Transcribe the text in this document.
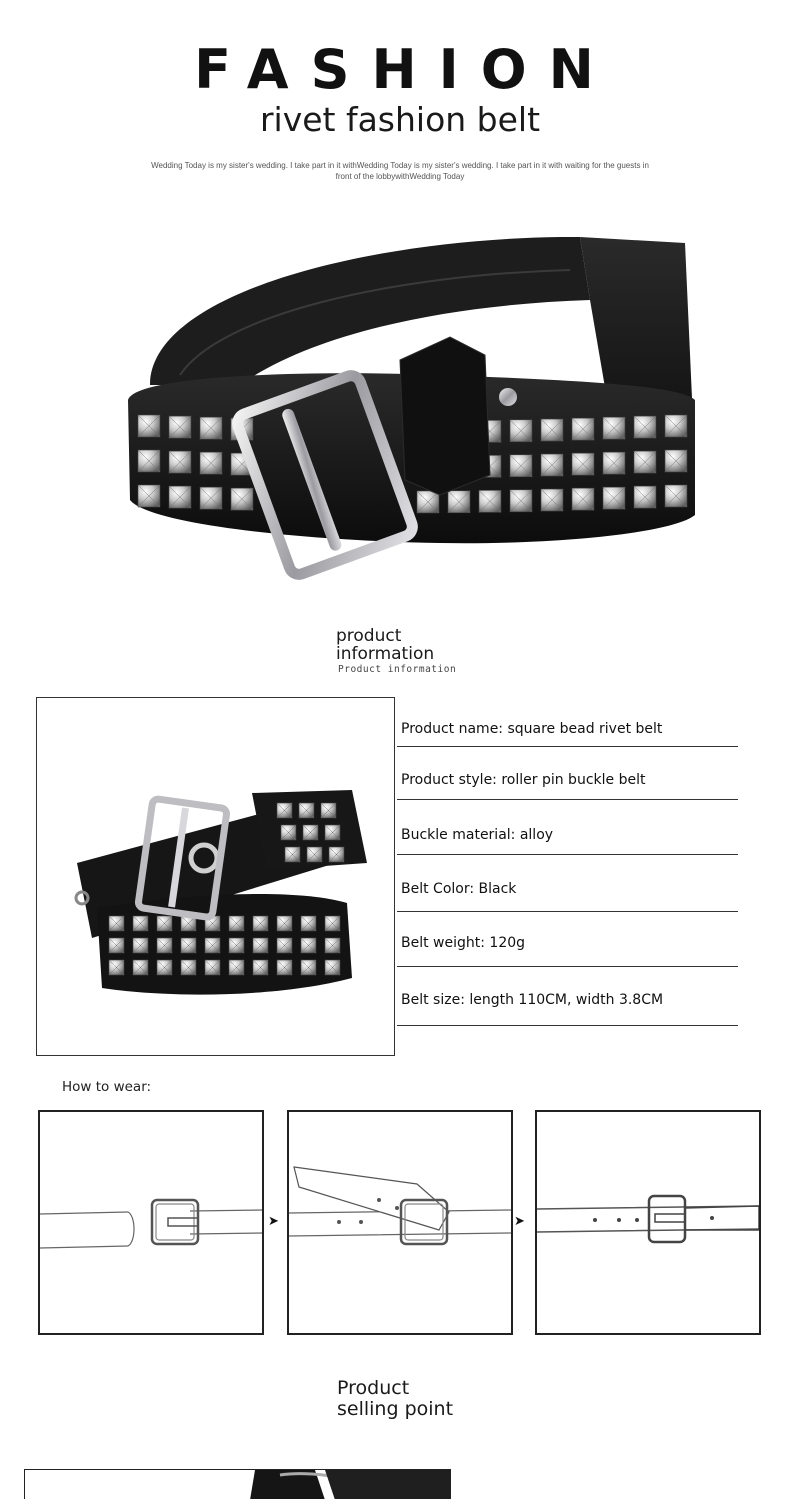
FASHION
rivet fashion belt
Wedding Today is my sister's wedding. I take part in it withWedding Today is my sister's wedding. I take part in it with waiting for the guests in front of the lobbywithWedding Today
product
information
Product information
Product name: square bead rivet belt
Product style: roller pin buckle belt
Buckle material: alloy
Belt Color: Black
Belt weight: 120g
Belt size: length 110CM, width 3.8CM
How to wear:
➤	➤
Product
selling point
